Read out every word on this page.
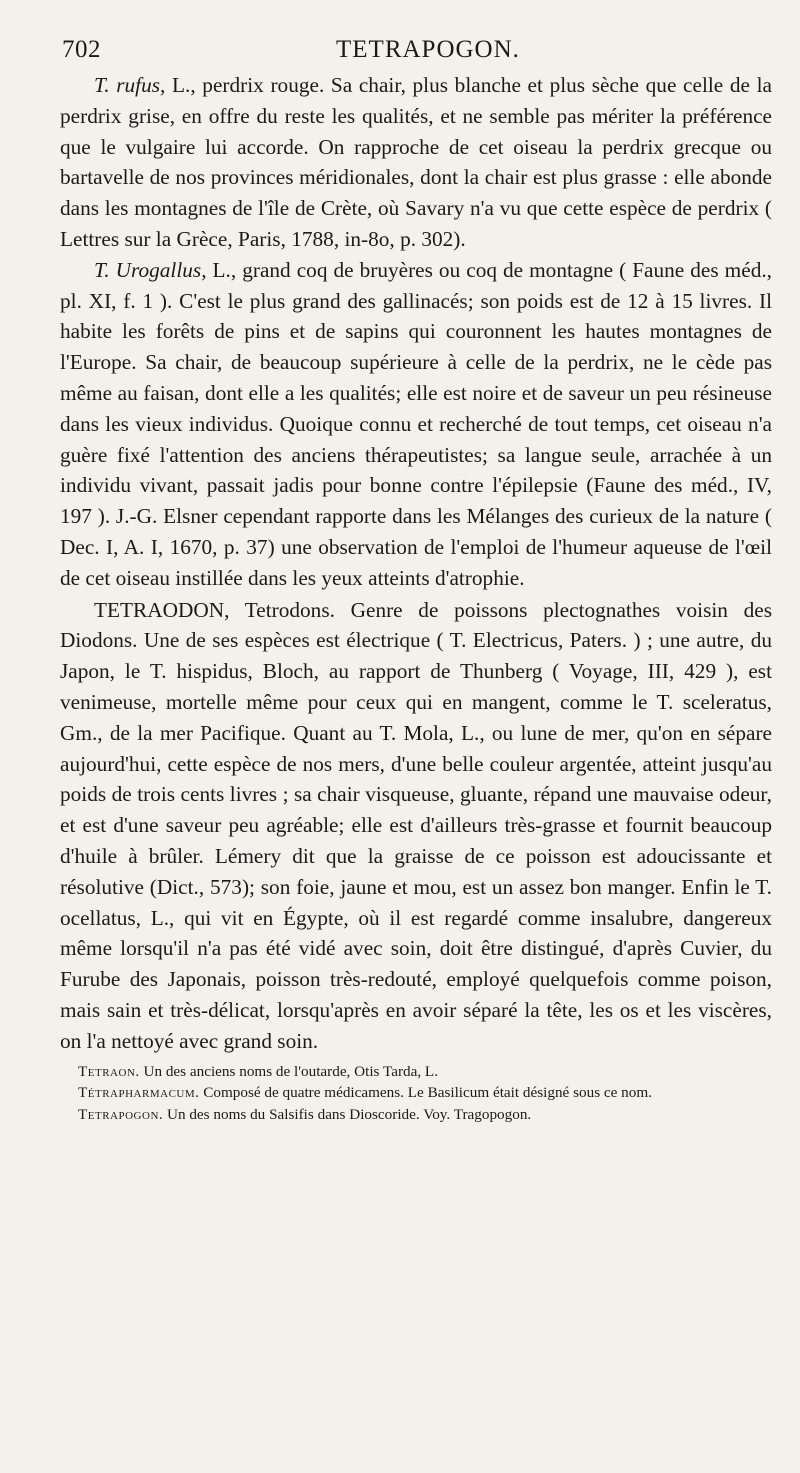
702	TETRAPOGON.

T. rufus, L., perdrix rouge. Sa chair, plus blanche et plus sèche que celle de la perdrix grise, en offre du reste les qualités, et ne semble pas mériter la préférence que le vulgaire lui accorde. On rapproche de cet oiseau la perdrix grecque ou bartavelle de nos provinces méridionales, dont la chair est plus grasse : elle abonde dans les montagnes de l'île de Crète, où Savary n'a vu que cette espèce de perdrix ( Lettres sur la Grèce, Paris, 1788, in-8o, p. 302).

T. Urogallus, L., grand coq de bruyères ou coq de montagne ( Faune des méd., pl. XI, f. 1 ). C'est le plus grand des gallinacés; son poids est de 12 à 15 livres. Il habite les forêts de pins et de sapins qui couronnent les hautes montagnes de l'Europe. Sa chair, de beaucoup supérieure à celle de la perdrix, ne le cède pas même au faisan, dont elle a les qualités; elle est noire et de saveur un peu résineuse dans les vieux individus. Quoique connu et recherché de tout temps, cet oiseau n'a guère fixé l'attention des anciens thérapeutistes; sa langue seule, arrachée à un individu vivant, passait jadis pour bonne contre l'épilepsie (Faune des méd., IV, 197 ). J.-G. Elsner cependant rapporte dans les Mélanges des curieux de la nature ( Dec. I, A. I, 1670, p. 37) une observation de l'emploi de l'humeur aqueuse de l'œil de cet oiseau instillée dans les yeux atteints d'atrophie.

TETRAODON, Tetrodons. Genre de poissons plectognathes voisin des Diodons. Une de ses espèces est électrique ( T. Electricus, Paters. ) ; une autre, du Japon, le T. hispidus, Bloch, au rapport de Thunberg ( Voyage, III, 429 ), est venimeuse, mortelle même pour ceux qui en mangent, comme le T. sceleratus, Gm., de la mer Pacifique. Quant au T. Mola, L., ou lune de mer, qu'on en sépare aujourd'hui, cette espèce de nos mers, d'une belle couleur argentée, atteint jusqu'au poids de trois cents livres ; sa chair visqueuse, gluante, répand une mauvaise odeur, et est d'une saveur peu agréable; elle est d'ailleurs très-grasse et fournit beaucoup d'huile à brûler. Lémery dit que la graisse de ce poisson est adoucissante et résolutive (Dict., 573); son foie, jaune et mou, est un assez bon manger. Enfin le T. ocellatus, L., qui vit en Égypte, où il est regardé comme insalubre, dangereux même lorsqu'il n'a pas été vidé avec soin, doit être distingué, d'après Cuvier, du Furube des Japonais, poisson très-redouté, employé quelquefois comme poison, mais sain et très-délicat, lorsqu'après en avoir séparé la tête, les os et les viscères, on l'a nettoyé avec grand soin.

Tetraon. Un des anciens noms de l'outarde, Otis Tarda, L.

Tétrapharmacum. Composé de quatre médicamens. Le Basilicum était désigné sous ce nom.

Tetrapogon. Un des noms du Salsifis dans Dioscoride. Voy. Tragopogon.
